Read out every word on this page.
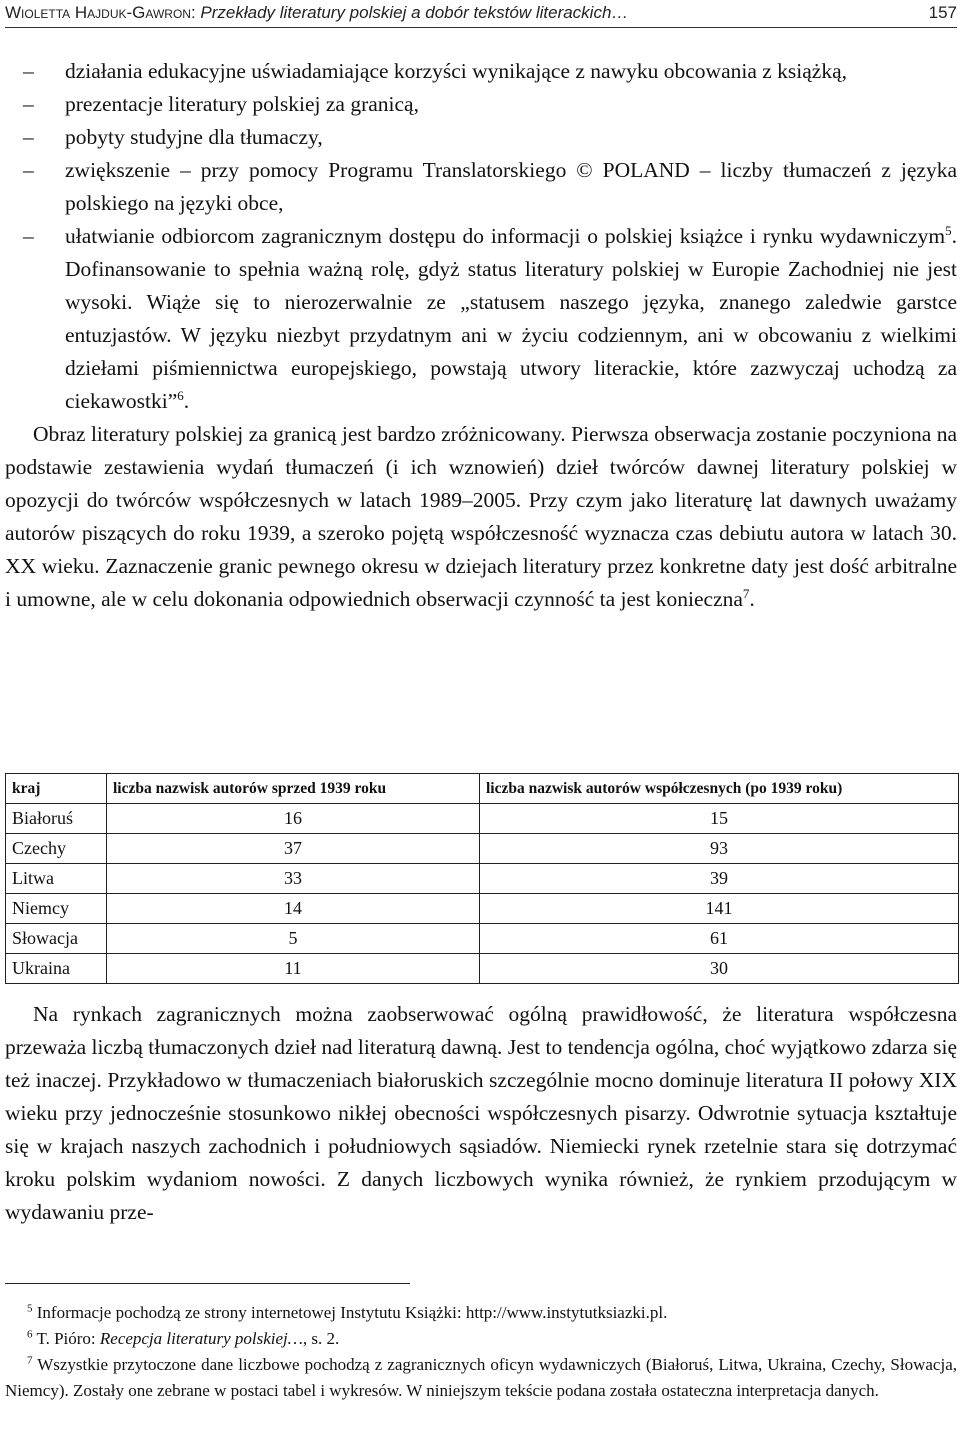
Wioletta Hajduk-Gawron: Przekłady literatury polskiej a dobór tekstów literackich…	157
– działania edukacyjne uświadamiające korzyści wynikające z nawyku obcowania z książką,
– prezentacje literatury polskiej za granicą,
– pobyty studyjne dla tłumaczy,
– zwiększenie – przy pomocy Programu Translatorskiego © POLAND – liczby tłumaczeń z języka polskiego na języki obce,
– ułatwianie odbiorcom zagranicznym dostępu do informacji o polskiej książce i rynku wydawniczym$^5$. Dofinansowanie to spełnia ważną rolę, gdyż status literatury polskiej w Europie Zachodniej nie jest wysoki. Wiąże się to nierozerwalnie ze „statusem naszego języka, znanego zaledwie garstce entuzjastów. W języku niezbyt przydatnym ani w życiu codziennym, ani w obcowaniu z wielkimi dziełami piśmiennictwa europejskiego, powstają utwory literackie, które zazwyczaj uchodzą za ciekawostki”$^6$.

Obraz literatury polskiej za granicą jest bardzo zróżnicowany. Pierwsza obserwacja zostanie poczyniona na podstawie zestawienia wydań tłumaczeń (i ich wznowień) dzieł twórców dawnej literatury polskiej w opozycji do twórców współczesnych w latach 1989–2005. Przy czym jako literaturę lat dawnych uważamy autorów piszących do roku 1939, a szeroko pojętą współczesność wyznacza czas debiutu autora w latach 30. XX wieku. Zaznaczenie granic pewnego okresu w dziejach literatury przez konkretne daty jest dość arbitralne i umowne, ale w celu dokonania odpowiednich obserwacji czynność ta jest konieczna$^7$.

kraj	liczba nazwisk autorów sprzed 1939 roku	liczba nazwisk autorów współczesnych (po 1939 roku)
Białoruś	16	15
Czechy	37	93
Litwa	33	39
Niemcy	14	141
Słowacja	5	61
Ukraina	11	30

Na rynkach zagranicznych można zaobserwować ogólną prawidłowość, że literatura współczesna przeważa liczbą tłumaczonych dzieł nad literaturą dawną. Jest to tendencja ogólna, choć wyjątkowo zdarza się też inaczej. Przykładowo w tłumaczeniach białoruskich szczególnie mocno dominuje literatura II połowy XIX wieku przy jednocześnie stosunkowo nikłej obecności współczesnych pisarzy. Odwrotnie sytuacja kształtuje się w krajach naszych zachodnich i południowych sąsiadów. Niemiecki rynek rzetelnie stara się dotrzymać kroku polskim wydaniom nowości. Z danych liczbowych wynika również, że rynkiem przodującym w wydawaniu prze-

$^5$ Informacje pochodzą ze strony internetowej Instytutu Książki: http://www.instytutksiazki.pl.

$^6$ T. Pióro: Recepcja literatury polskiej…, s. 2.

$^7$ Wszystkie przytoczone dane liczbowe pochodzą z zagranicznych oficyn wydawniczych (Białoruś, Litwa, Ukraina, Czechy, Słowacja, Niemcy). Zostały one zebrane w postaci tabel i wykresów. W niniejszym tekście podana została ostateczna interpretacja danych.
